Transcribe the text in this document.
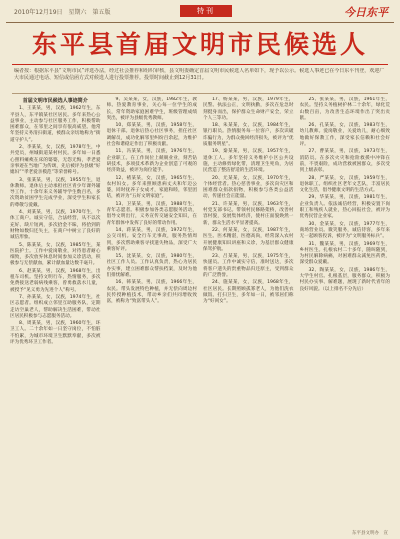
2010年12月19日　星期六　第五版	特刊	今日东平
东平县首届文明市民候选人
编者按：根据东平县“文明市民”评选办法，经过社会推荐和组织审核，县文明委确定首届文明市民候选人名单如下，现予以公示。候选人事迹已在今日东平刊登，欢迎广大市民通过电话、短信或信函方式对候选人进行投票推荐。投票时间截止到12月31日。

首届文明市民候选人事迹简介

1、王某某，男，汉族，1962年生，东平县人，东平镇某社区居民。多年来热心公益事业，主动参与社区服务工作，积极帮助困难群众，在邻里之间享有很高威望。他常年坚持义务清扫街道，被群众亲切地称为“街道守护人”。

2、李某某，女，汉族，1978年生，中共党员，州城街道某村村民。多年如一日悉心照料瘫痪在床的婆婆，无怨无悔，孝老爱亲事迹在当地广为传颂，先后被评为县级“好媳妇”“孝老爱亲模范”等荣誉称号。

3、张某某，男，汉族，1955年生，退休教师。退休后主动承担社区青少年课外辅导工作，十余年来义务辅导学生数百名，多次资助贫困学生完成学业，深受学生和家长的尊敬与爱戴。

4、刘某某，男，汉族，1970年生，个体工商户。诚实守信，合法经营，从不以次充好、缺斤短两，多次拾金不昧，将拾到的财物如数归还失主，在商户中树立了良好的诚信形象。

5、陈某某，女，汉族，1985年生，某医院护士。工作中爱岗敬业，对待患者耐心细致，多次放弃休息时间参加义诊活动，积极参与无偿献血，累计献血量达数千毫升。

6、赵某某，男，汉族，1968年生，出租车司机。坚持文明行车，热情服务，多次免费接送老弱病残乘客，曾勇救落水儿童，被授予“见义勇为先进个人”称号。

7、孙某某，女，汉族，1974年生，社区志愿者。组织成立邻里互助服务队，定期走访空巢老人，帮助解决生活困难，带动社区居民积极参与志愿服务活动。

8、周某某，男，汉族，1960年生，环卫工人。二十余年如一日坚守岗位，不怕脏不怕累，为城市环境卫生默默奉献，多次被评为优秀环卫工作者。

9、吴某某，女，汉族，1982年生，教师。热爱教育事业，关心每一位学生的成长，常年资助家庭困难学生，班级管理成绩突出，被评为县级优秀教师。

10、郑某某，男，汉族，1958年生，退休干部。退休后热心社区事务，担任社区调解员，成功化解邻里纠纷百余起，为维护社会和谐稳定作出了积极贡献。

11、冯某某，男，汉族，1976年生，企业职工。在工作岗位上兢兢业业，刻苦钻研技术，多项技术革新为企业创造了可观的经济效益，被评为岗位能手。

12、褚某某，女，汉族，1965年生，农村妇女。多年来照顾患病丈夫和年迈公婆，同时抚养子女成才，家庭和睦，邻里团结，被评为“五好文明家庭”。

13、卫某某，男，汉族，1988年生，青年志愿者。积极参加各类志愿服务活动，倡导文明出行，义务宣传交通安全知识，在青年群体中发挥了良好的带动作用。

14、蒋某某，男，汉族，1972年生，公交司机。安全行车无事故，服务热情周到，多次帮助乘客寻找遗失物品，深受广大乘客好评。

15、沈某某，女，汉族，1980年生，社区工作人员。工作认真负责，热心为居民办实事，建立困难群众帮扶档案，及时为他们排忧解难。

16、韩某某，男，汉族，1966年生，农民。带头发展特色种植，并无偿向周边村民传授种植技术，带动乡亲们共同增收致富，被称为“致富带头人”。

17、杨某某，男，汉族，1979年生，民警。执法公正，文明执勤，多次在危急时刻挺身而出，保护群众生命财产安全，荣立个人三等功。

18、朱某某，女，汉族，1984年生，银行职员。热情服务每一位客户，多次识破诈骗行为，为群众挽回经济损失，被评为“优质服务明星”。

19、秦某某，男，汉族，1957年生，退休工人。多年坚持义务维护小区公共设施，主动修剪绿化带，清理卫生死角，为居民营造了整洁舒适的生活环境。

20、尤某某，女，汉族，1970年生，个体经营者。热心慈善事业，多次向灾区和困难群众捐款捐物，积极参与各类公益活动，传递社会正能量。

21、许某某，男，汉族，1963年生，村党支部书记。带领村民修路架桥，改善村容村貌，发展集体经济，使村庄面貌焕然一新，群众生活水平显著提高。

22、何某某，女，汉族，1987年生，医生。医术精湛，医德高尚，经常深入农村开展健康知识讲座和义诊，为基层群众健康保驾护航。

23、吕某某，男，汉族，1975年生，快递员。工作中诚实守信，准时送达，多次将客户遗失的贵重物品归还原主，受到群众的广泛赞誉。

24、施某某，女，汉族，1968年生，社区居民。长期照顾孤寡老人，为他们洗衣做饭、打扫卫生，多年如一日，被邻居们称为“好闺女”。

25、张某某，男，汉族，1961年生，农民。坚持义务植树护林二十余年，绿化荒山数百亩，为改善生态环境作出了突出贡献。

26、孔某某，女，汉族，1983年生，幼儿教师。爱岗敬业，关爱幼儿，耐心细致地做好保教工作，深受家长信赖和社会好评。

27、曹某某，男，汉族，1973年生，消防员。在多次火灾和抢险救援中冲锋在前，不畏艰险，成功营救被困群众，多次受到上级表彰。

28、严某某，女，汉族，1959年生，退休职工。组织社区老年文艺队，丰富居民文化生活，倡导健康文明的生活方式。

29、华某某，男，汉族，1981年生，企业负责人。依法诚信经营，积极安置下岗职工和残疾人就业，热心回报社会，被评为优秀民营企业家。

30、金某某，女，汉族，1977年生，商场营业员。微笑服务，诚信待客，多年来无一起顾客投诉，被评为“文明服务标兵”。

31、魏某某，男，汉族，1969年生，乡村医生。扎根农村二十多年，随叫随到，为村民解除病痛，对困难群众减免医药费，深受群众爱戴。

32、陶某某，女，汉族，1986年生，大学生村官。扎根基层，服务群众，积极为村民办实事、解难题，展现了新时代青年的良好风貌。（以上排名不分先后）

东平县文明办　宣
